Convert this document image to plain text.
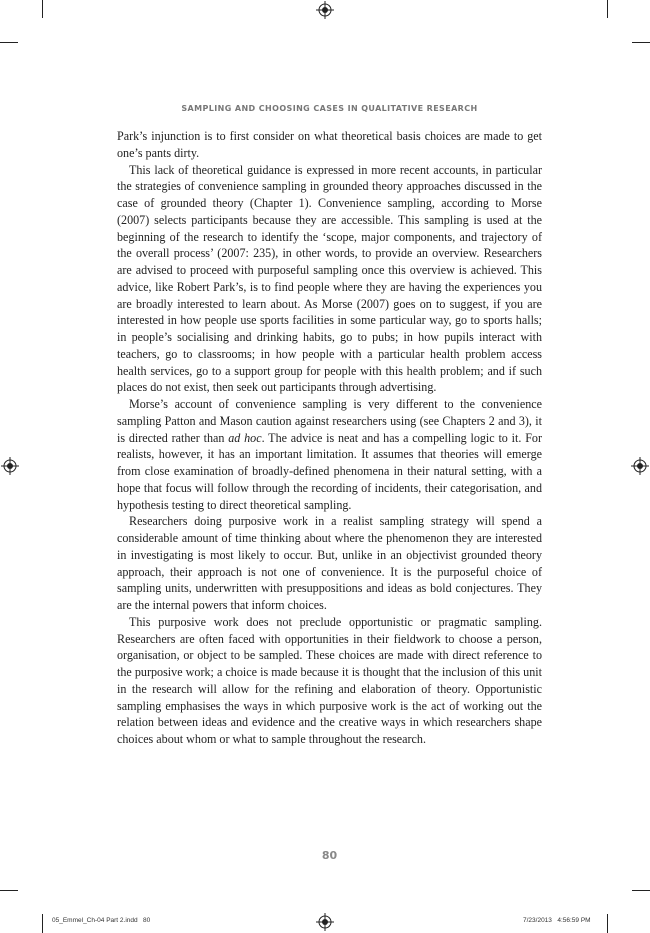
SAMPLING AND CHOOSING CASES IN QUALITATIVE RESEARCH

Park’s injunction is to first consider on what theoretical basis choices are made to get one’s pants dirty.

This lack of theoretical guidance is expressed in more recent accounts, in particular the strategies of convenience sampling in grounded theory approaches discussed in the case of grounded theory (Chapter 1). Convenience sampling, according to Morse (2007) selects participants because they are accessible. This sampling is used at the beginning of the research to identify the ‘scope, major components, and trajectory of the overall process’ (2007: 235), in other words, to provide an overview. Researchers are advised to proceed with purposeful sampling once this overview is achieved. This advice, like Robert Park’s, is to find people where they are having the experiences you are broadly interested to learn about. As Morse (2007) goes on to suggest, if you are interested in how people use sports facilities in some particular way, go to sports halls; in people’s socialising and drinking habits, go to pubs; in how pupils interact with teachers, go to classrooms; in how people with a particular health problem access health services, go to a support group for people with this health problem; and if such places do not exist, then seek out participants through advertising.

Morse’s account of convenience sampling is very different to the convenience sampling Patton and Mason caution against researchers using (see Chapters 2 and 3), it is directed rather than ad hoc. The advice is neat and has a compelling logic to it. For realists, however, it has an important limitation. It assumes that theories will emerge from close examination of broadly-defined phenomena in their natural setting, with a hope that focus will follow through the recording of incidents, their categorisation, and hypothesis testing to direct theoretical sampling.

Researchers doing purposive work in a realist sampling strategy will spend a considerable amount of time thinking about where the phenomenon they are interested in investigating is most likely to occur. But, unlike in an objectivist grounded theory approach, their approach is not one of convenience. It is the purposeful choice of sampling units, underwritten with presuppositions and ideas as bold conjectures. They are the internal powers that inform choices.

This purposive work does not preclude opportunistic or pragmatic sampling. Researchers are often faced with opportunities in their fieldwork to choose a person, organisation, or object to be sampled. These choices are made with direct reference to the purposive work; a choice is made because it is thought that the inclusion of this unit in the research will allow for the refining and elaboration of theory. Opportunistic sampling emphasises the ways in which purposive work is the act of working out the relation between ideas and evidence and the creative ways in which researchers shape choices about whom or what to sample throughout the research.

80
05_Emmel_Ch-04 Part 2.indd   80	7/23/2013   4:56:59 PM
